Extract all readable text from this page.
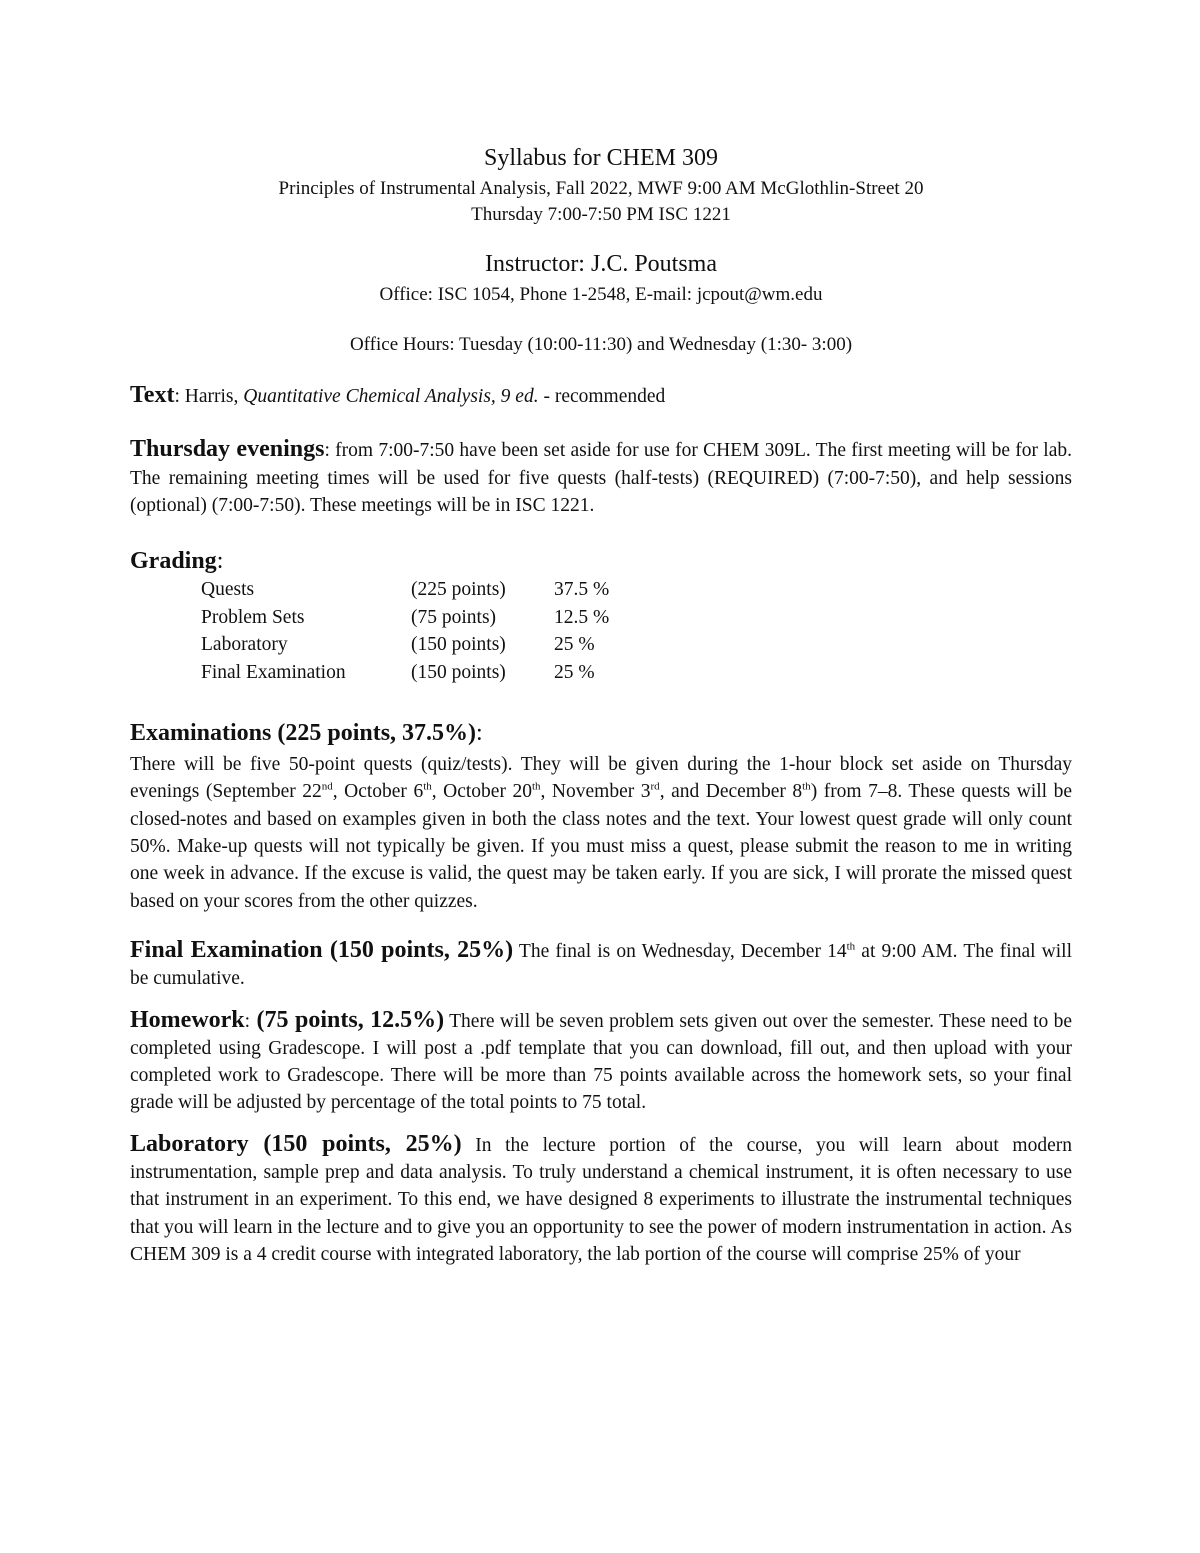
Syllabus for CHEM 309
Principles of Instrumental Analysis, Fall 2022, MWF 9:00 AM McGlothlin-Street 20
Thursday 7:00-7:50 PM ISC 1221
Instructor: J.C. Poutsma
Office: ISC 1054, Phone 1-2548, E-mail: jcpout@wm.edu
Office Hours: Tuesday (10:00-11:30) and Wednesday (1:30- 3:00)

Text: Harris, Quantitative Chemical Analysis, 9 ed. - recommended

Thursday evenings: from 7:00-7:50 have been set aside for use for CHEM 309L. The first meeting will be for lab. The remaining meeting times will be used for five quests (half-tests) (REQUIRED) (7:00-7:50), and help sessions (optional) (7:00-7:50). These meetings will be in ISC 1221.

Grading:
Quests	(225 points)	37.5 %
Problem Sets	(75 points)	12.5 %
Laboratory	(150 points)	25 %
Final Examination	(150 points)	25 %
Examinations (225 points, 37.5%):

There will be five 50-point quests (quiz/tests). They will be given during the 1-hour block set aside on Thursday evenings (September 22nd, October 6th, October 20th, November 3rd, and December 8th) from 7–8. These quests will be closed-notes and based on examples given in both the class notes and the text. Your lowest quest grade will only count 50%. Make-up quests will not typically be given. If you must miss a quest, please submit the reason to me in writing one week in advance. If the excuse is valid, the quest may be taken early. If you are sick, I will prorate the missed quest based on your scores from the other quizzes.

Final Examination (150 points, 25%) The final is on Wednesday, December 14th at 9:00 AM. The final will be cumulative.

Homework: (75 points, 12.5%) There will be seven problem sets given out over the semester. These need to be completed using Gradescope. I will post a .pdf template that you can download, fill out, and then upload with your completed work to Gradescope. There will be more than 75 points available across the homework sets, so your final grade will be adjusted by percentage of the total points to 75 total.

Laboratory (150 points, 25%) In the lecture portion of the course, you will learn about modern instrumentation, sample prep and data analysis. To truly understand a chemical instrument, it is often necessary to use that instrument in an experiment. To this end, we have designed 8 experiments to illustrate the instrumental techniques that you will learn in the lecture and to give you an opportunity to see the power of modern instrumentation in action. As CHEM 309 is a 4 credit course with integrated laboratory, the lab portion of the course will comprise 25% of your
